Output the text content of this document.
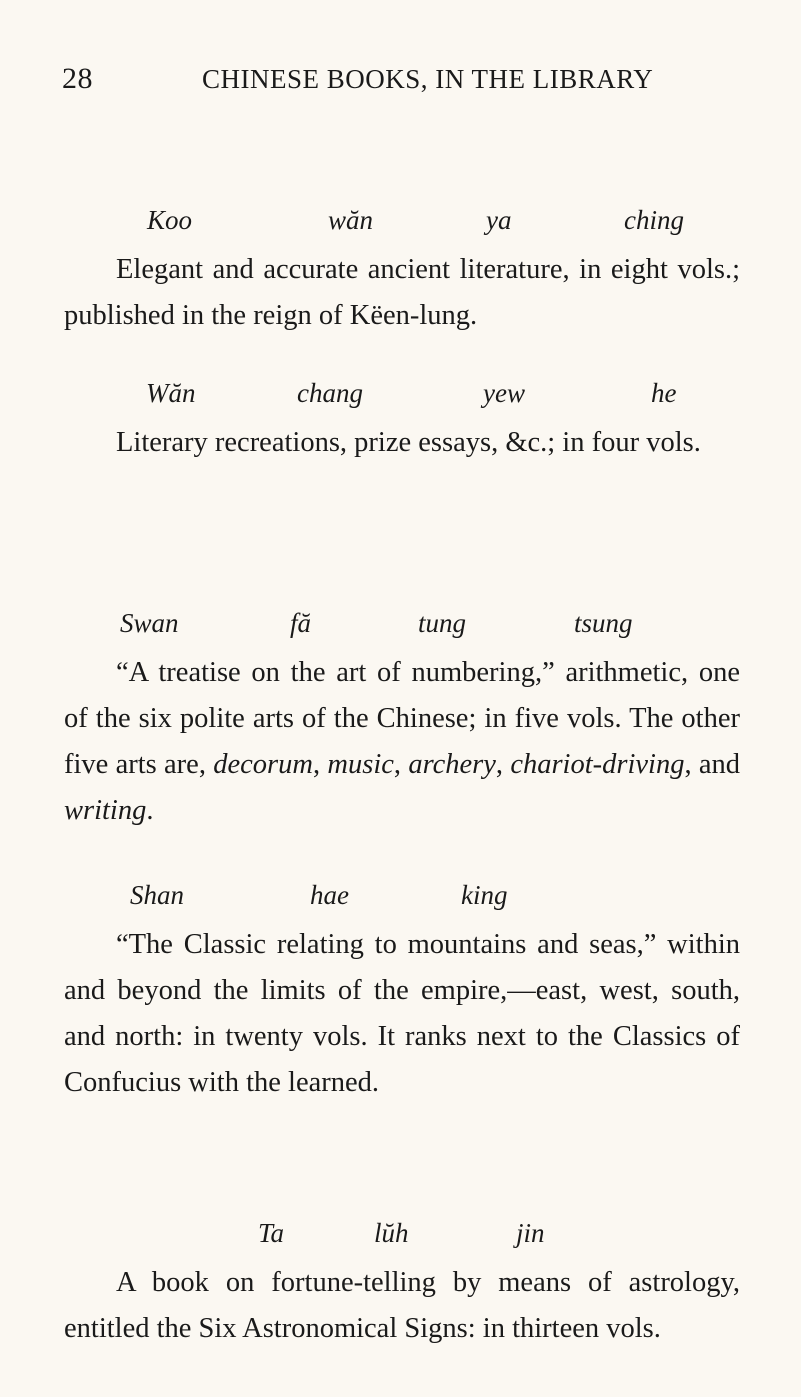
28	CHINESE BOOKS, IN THE LIBRARY
Koo	wăn	ya	ching
Elegant and accurate ancient literature, in eight vols.; published in the reign of Këen-lung.
Wăn	chang	yew	he
Literary recreations, prize essays, &c.; in four vols.
Swan	fă	tung	tsung
“A treatise on the art of numbering,” arithmetic, one of the six polite arts of the Chinese; in five vols. The other five arts are, decorum, music, archery, chariot-driving, and writing.
Shan	hae	king
“The Classic relating to mountains and seas,” within and beyond the limits of the empire,—east, west, south, and north: in twenty vols. It ranks next to the Classics of Confucius with the learned.
Ta	lŭh	jin
A book on fortune-telling by means of astrology, entitled the Six Astronomical Signs: in thirteen vols.
